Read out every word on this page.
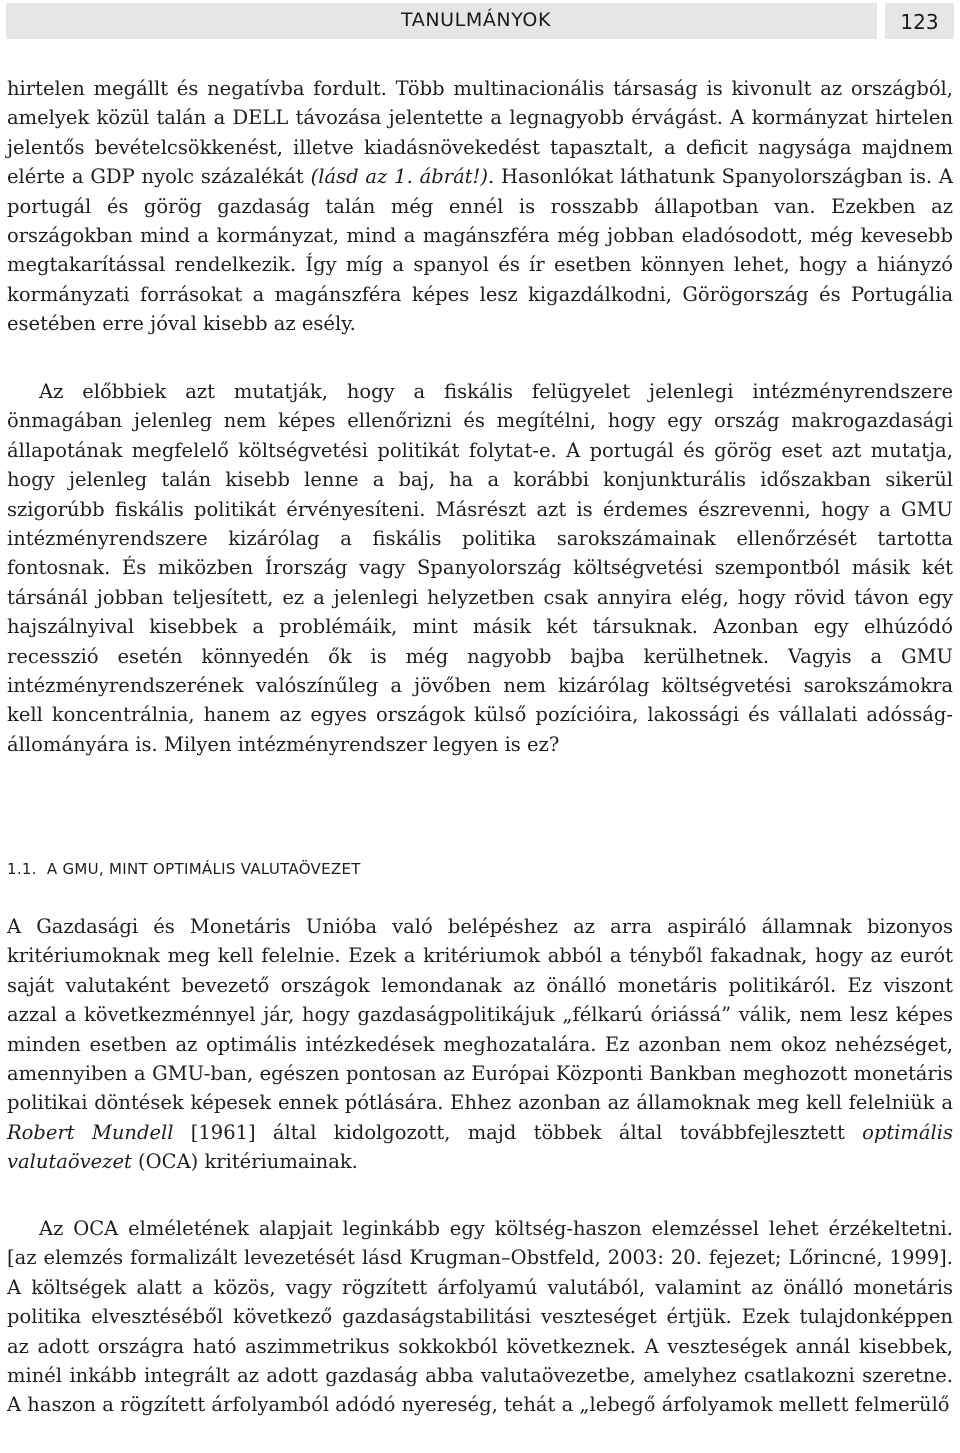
TANULMÁNYOK	123

hirtelen megállt és negatívba fordult. Több multinacionális társaság is kivonult az országból, amelyek közül talán a DELL távozása jelentette a legnagyobb érvágást. A kormányzat hirtelen jelentős bevételcsökkenést, illetve kiadásnövekedést tapasztalt, a deficit nagysága majdnem elérte a GDP nyolc százalékát (lásd az 1. ábrát!). Hasonlókat láthatunk Spanyolországban is. A portugál és görög gazdaság talán még ennél is rosszabb állapotban van. Ezekben az országokban mind a kormányzat, mind a magánszféra még jobban eladósodott, még kevesebb megtakarítással rendelkezik. Így míg a spanyol és ír esetben könnyen lehet, hogy a hiányzó kormányzati forrásokat a magánszféra képes lesz kigazdálkodni, Görögország és Portugália esetében erre jóval kisebb az esély.

Az előbbiek azt mutatják, hogy a fiskális felügyelet jelenlegi intézményrendszere önmagában jelenleg nem képes ellenőrizni és megítélni, hogy egy ország makrogazdasági állapotának megfelelő költségvetési politikát folytat-e. A portugál és görög eset azt mutatja, hogy jelenleg talán kisebb lenne a baj, ha a korábbi konjunkturális időszakban sikerül szigorúbb fiskális politikát érvényesíteni. Másrészt azt is érdemes észrevenni, hogy a GMU intézményrendszere kizárólag a fiskális politika sarokszámainak ellenőrzését tartotta fontosnak. És miközben Írország vagy Spanyolország költségvetési szempontból másik két társánál jobban teljesített, ez a jelenlegi helyzetben csak annyira elég, hogy rövid távon egy hajszálnyival kisebbek a problémáik, mint másik két társuknak. Azonban egy elhúzódó recesszió esetén könnyedén ők is még nagyobb bajba kerülhetnek. Vagyis a GMU intézményrendszerének valószínűleg a jövőben nem kizárólag költségvetési sarokszámokra kell koncentrálnia, hanem az egyes országok külső pozícióira, lakossági és vállalati adósságállományára is. Milyen intézményrendszer legyen is ez?

1.1. A GMU, MINT OPTIMÁLIS VALUTAÖVEZET

A Gazdasági és Monetáris Unióba való belépéshez az arra aspiráló államnak bizonyos kritériumoknak meg kell felelnie. Ezek a kritériumok abból a tényből fakadnak, hogy az eurót saját valutaként bevezető országok lemondanak az önálló monetáris politikáról. Ez viszont azzal a következménnyel jár, hogy gazdaságpolitikájuk „félkarú óriássá” válik, nem lesz képes minden esetben az optimális intézkedések meghozatalára. Ez azonban nem okoz nehézséget, amennyiben a GMU-ban, egészen pontosan az Európai Központi Bankban meghozott monetáris politikai döntések képesek ennek pótlására. Ehhez azonban az államoknak meg kell felelniük a Robert Mundell [1961] által kidolgozott, majd többek által továbbfejlesztett optimális valutaövezet (OCA) kritériumainak.

Az OCA elméletének alapjait leginkább egy költség-haszon elemzéssel lehet érzékeltetni. [az elemzés formalizált levezetését lásd Krugman–Obstfeld, 2003: 20. fejezet; Lőrincné, 1999]. A költségek alatt a közös, vagy rögzített árfolyamú valutából, valamint az önálló monetáris politika elvesztéséből következő gazdaságstabilitási veszteséget értjük. Ezek tulajdonképpen az adott országra ható aszimmetrikus sokkokból következnek. A veszteségek annál kisebbek, minél inkább integrált az adott gazdaság abba valutaövezetbe, amelyhez csatlakozni szeretne. A haszon a rögzített árfolyamból adódó nyereség, tehát a „lebegő árfolyamok mellett felmerülő
